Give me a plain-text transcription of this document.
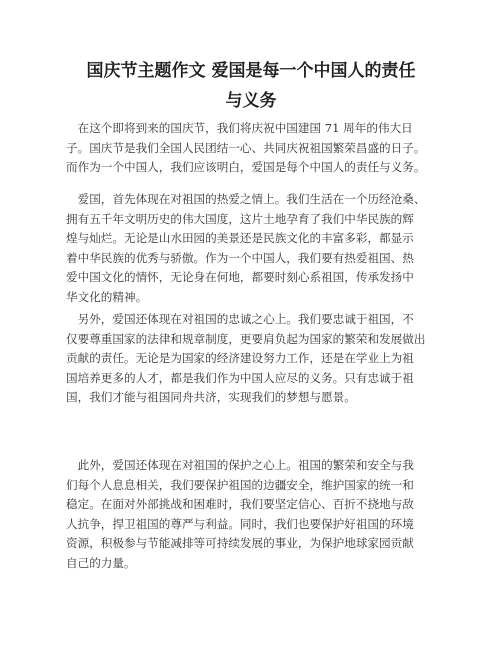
国庆节主题作文 爱国是每一个中国人的责任
与义务
　在这个即将到来的国庆节，我们将庆祝中国建国 71 周年的伟大日
子。国庆节是我们全国人民团结一心、共同庆祝祖国繁荣昌盛的日子。
而作为一个中国人，我们应该明白，爱国是每个中国人的责任与义务。
　爱国，首先体现在对祖国的热爱之情上。我们生活在一个历经沧桑、
拥有五千年文明历史的伟大国度，这片土地孕育了我们中华民族的辉
煌与灿烂。无论是山水田园的美景还是民族文化的丰富多彩，都显示
着中华民族的优秀与骄傲。作为一个中国人，我们要有热爱祖国、热
爱中国文化的情怀，无论身在何地，都要时刻心系祖国，传承发扬中
华文化的精神。
　另外，爱国还体现在对祖国的忠诚之心上。我们要忠诚于祖国，不
仅要尊重国家的法律和规章制度，更要肩负起为国家的繁荣和发展做出
贡献的责任。无论是为国家的经济建设努力工作，还是在学业上为祖
国培养更多的人才，都是我们作为中国人应尽的义务。只有忠诚于祖
国，我们才能与祖国同舟共济，实现我们的梦想与愿景。
　此外，爱国还体现在对祖国的保护之心上。祖国的繁荣和安全与我
们每个人息息相关，我们要保护祖国的边疆安全，维护国家的统一和
稳定。在面对外部挑战和困难时，我们要坚定信心、百折不挠地与敌
人抗争，捍卫祖国的尊严与利益。同时，我们也要保护好祖国的环境
资源，积极参与节能减排等可持续发展的事业，为保护地球家园贡献
自己的力量。
